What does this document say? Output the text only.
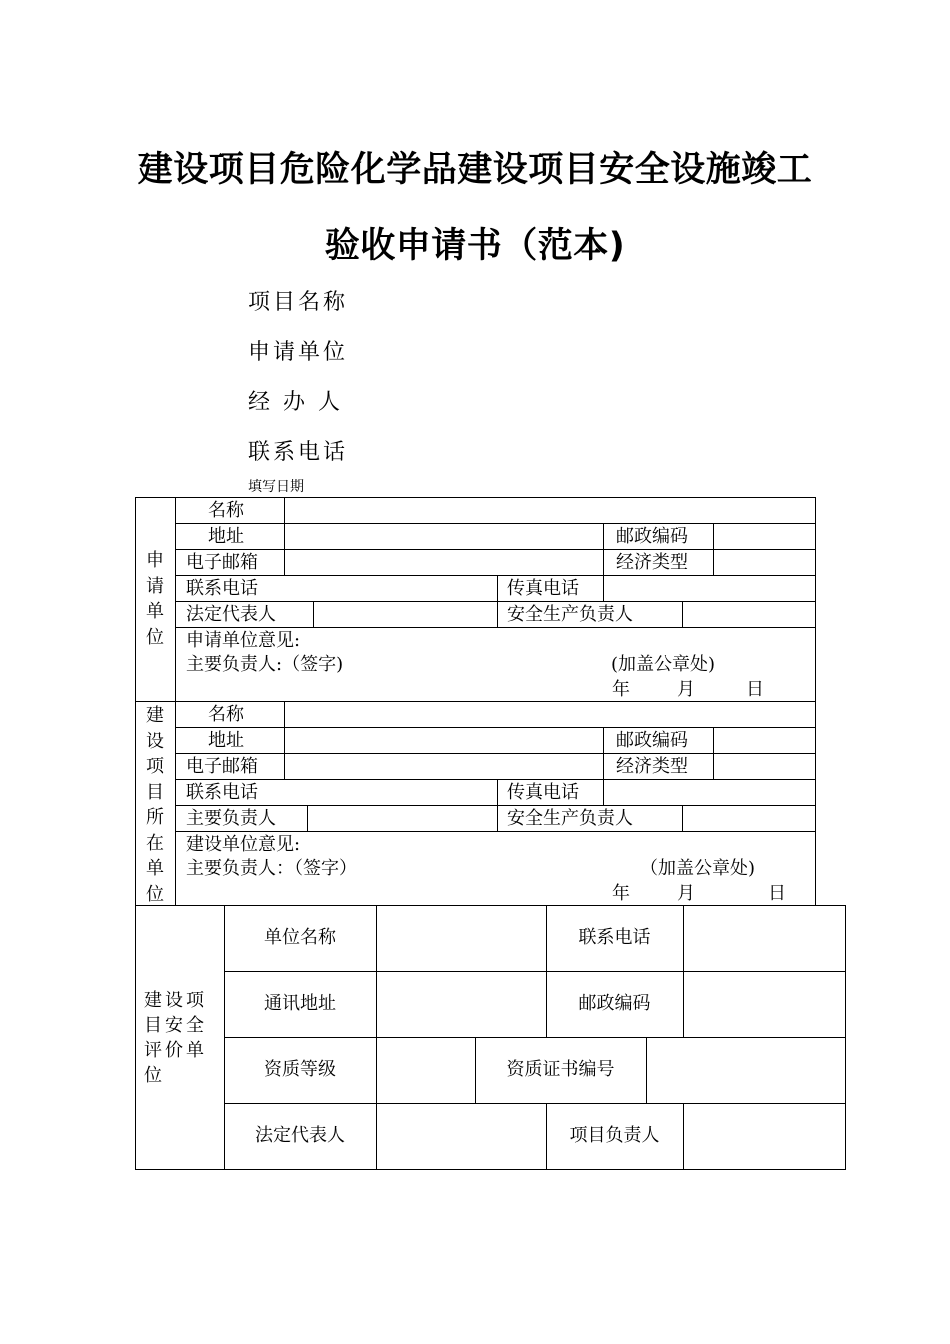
建设项目危险化学品建设项目安全设施竣工
验收申请书（范本)
项目名称
申请单位
经 办 人
联系电话
填写日期
申
请
单
位
名称
地址	邮政编码
电子邮箱	经济类型
联系电话	传真电话
法定代表人	安全生产负责人
申请单位意见:
主要负责人:（签字)	(加盖公章处)
年	月	日
建
设
项
目
所
在
单
位
名称
地址	邮政编码
电子邮箱	经济类型
联系电话	传真电话
主要负责人	安全生产负责人
建设单位意见:
主要负责人：（签字）	（加盖公章处)
年	月	日
建设项目安全评价单位
单位名称	联系电话
通讯地址	邮政编码
资质等级	资质证书编号
法定代表人	项目负责人
